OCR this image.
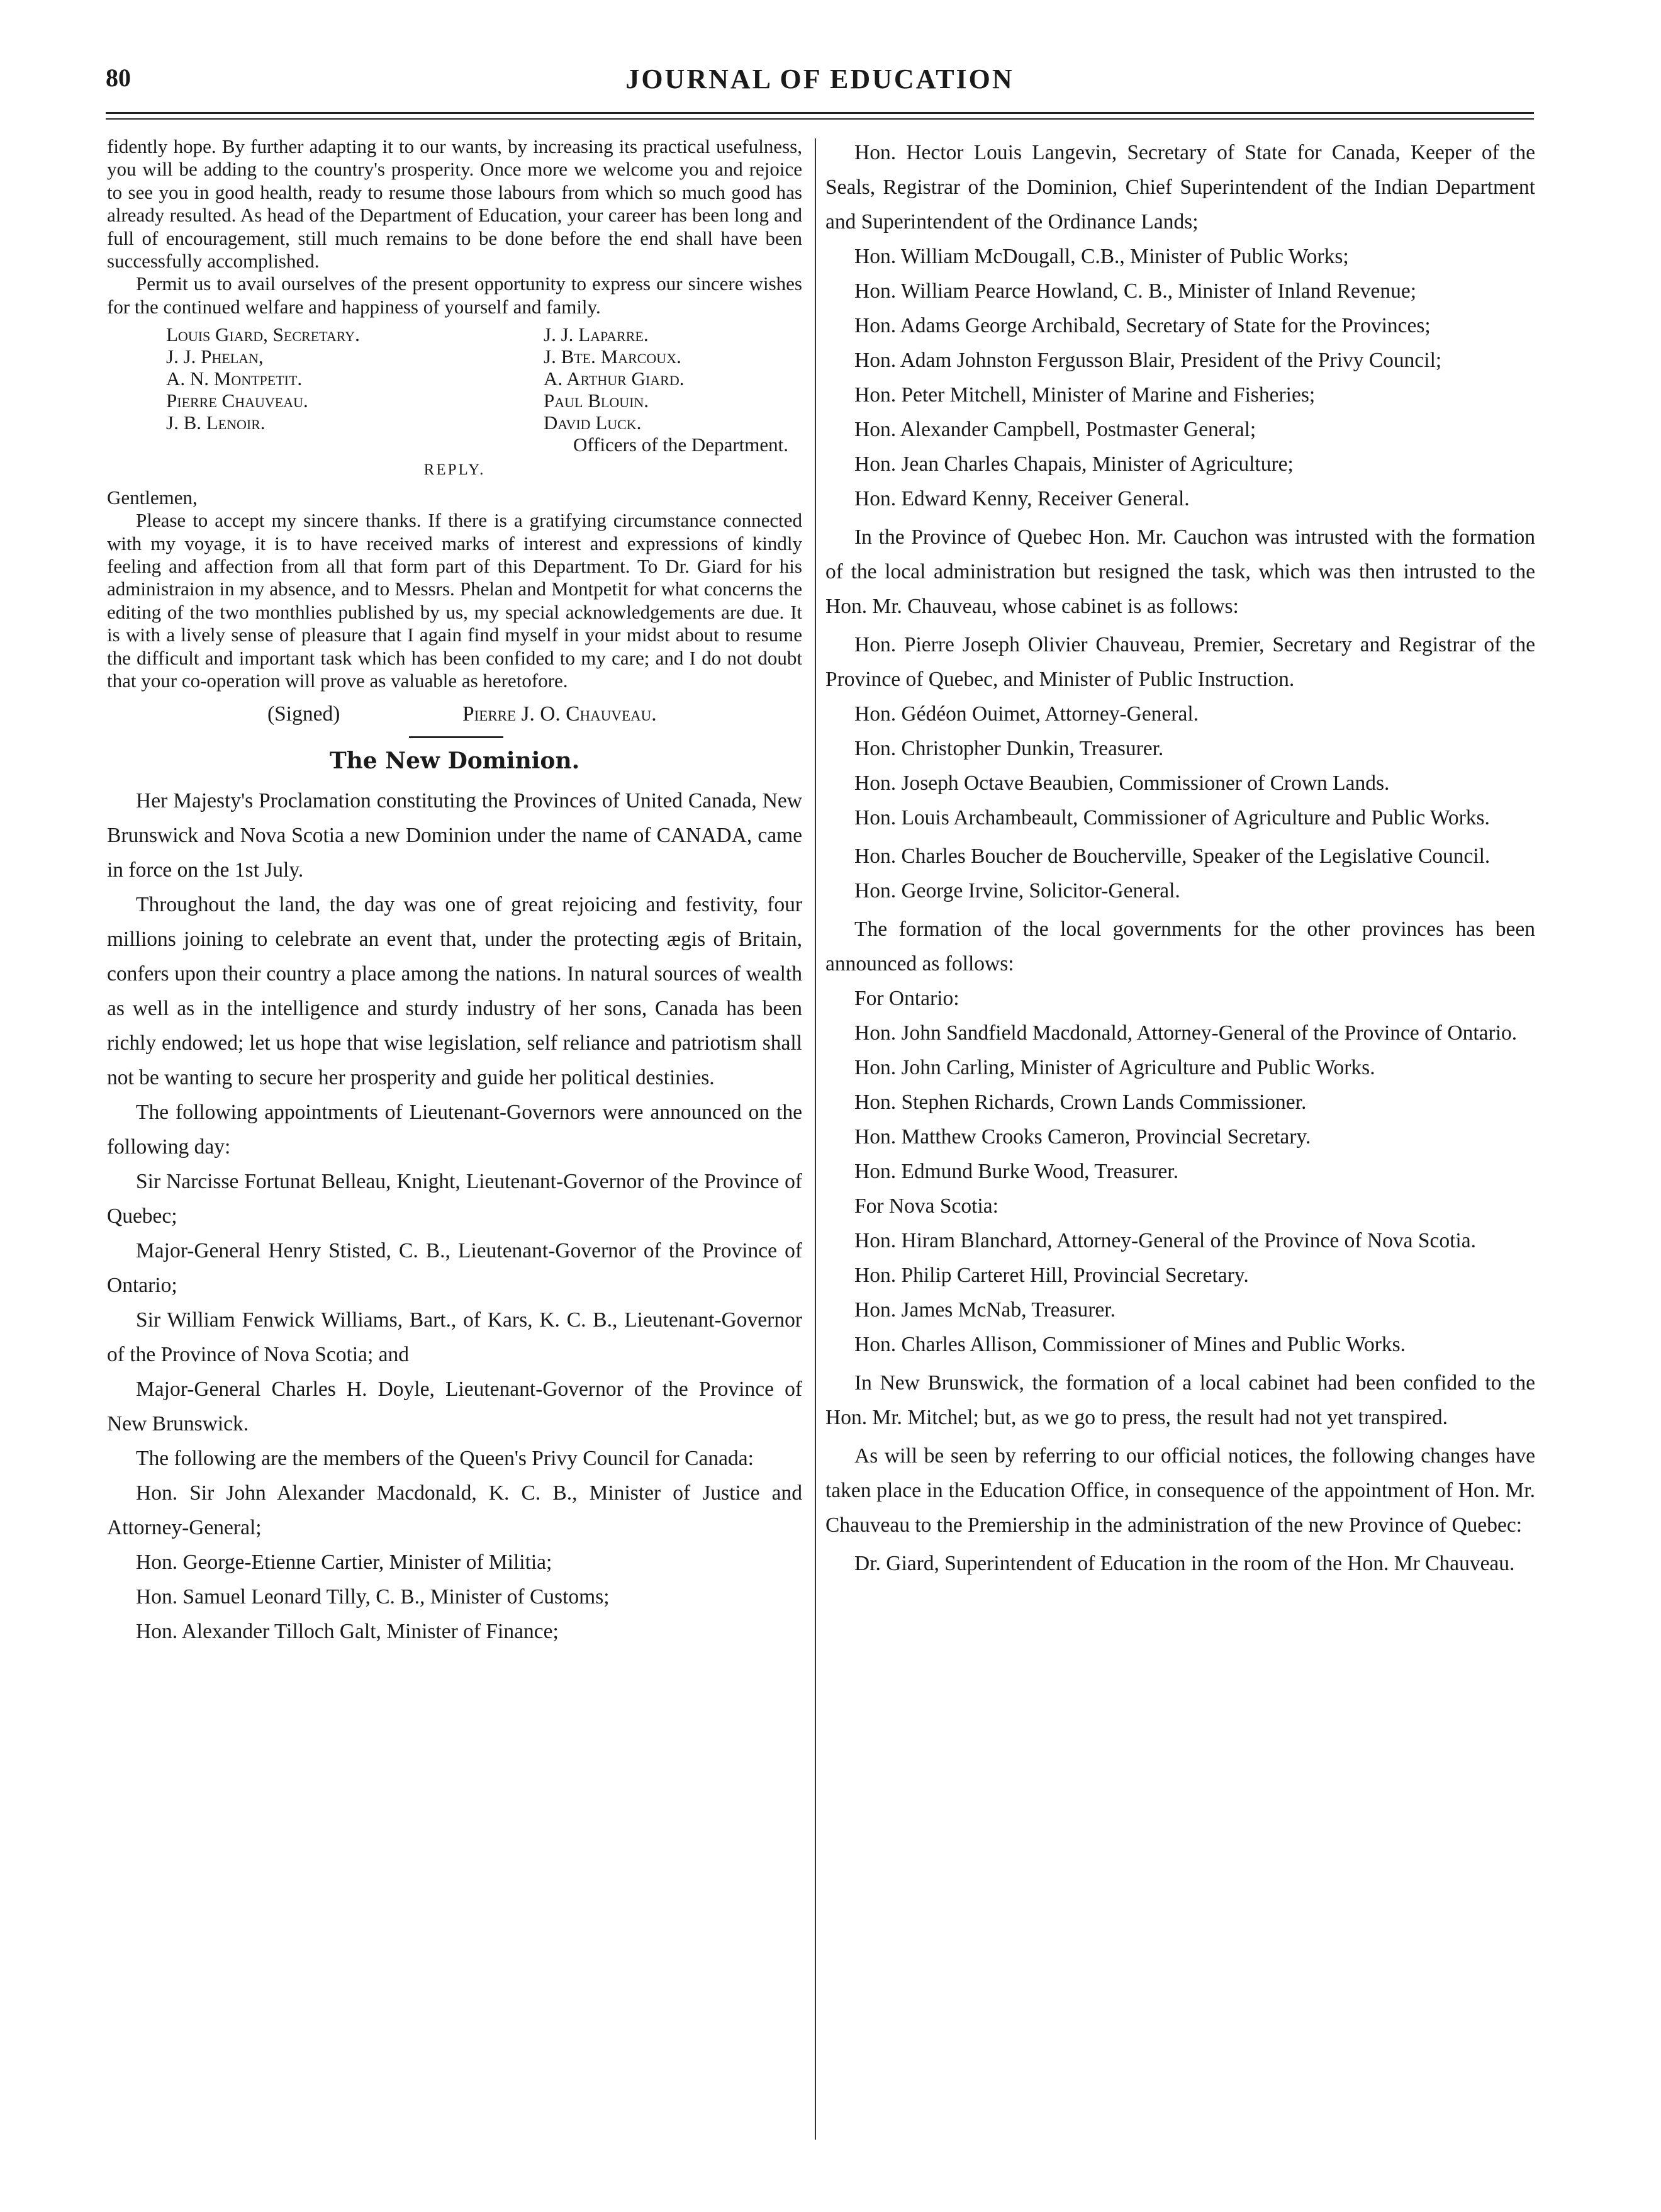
80	JOURNAL OF EDUCATION

fidently hope. By further adapting it to our wants, by increasing its practical usefulness, you will be adding to the country's prosperity. Once more we welcome you and rejoice to see you in good health, ready to resume those labours from which so much good has already resulted. As head of the Department of Education, your career has been long and full of encouragement, still much remains to be done before the end shall have been successfully accomplished.

Permit us to avail ourselves of the present opportunity to express our sincere wishes for the continued welfare and happiness of yourself and family.

Louis Giard, Secretary.	J. J. Laparre.
J. J. Phelan,	J. Bte. Marcoux.
A. N. Montpetit.	A. Arthur Giard.
Pierre Chauveau.	Paul Blouin.
J. B. Lenoir.	David Luck.
Officers of the Department.
REPLY.
Gentlemen,

Please to accept my sincere thanks. If there is a gratifying circumstance connected with my voyage, it is to have received marks of interest and expressions of kindly feeling and affection from all that form part of this Department. To Dr. Giard for his administraion in my absence, and to Messrs. Phelan and Montpetit for what concerns the editing of the two monthlies published by us, my special acknowledgements are due. It is with a lively sense of pleasure that I again find myself in your midst about to resume the difficult and important task which has been confided to my care; and I do not doubt that your co-operation will prove as valuable as heretofore.

(Signed)	Pierre J. O. Chauveau.
The New Dominion.

Her Majesty's Proclamation constituting the Provinces of United Canada, New Brunswick and Nova Scotia a new Dominion under the name of CANADA, came in force on the 1st July.

Throughout the land, the day was one of great rejoicing and festivity, four millions joining to celebrate an event that, under the protecting ægis of Britain, confers upon their country a place among the nations. In natural sources of wealth as well as in the intelligence and sturdy industry of her sons, Canada has been richly endowed; let us hope that wise legislation, self reliance and patriotism shall not be wanting to secure her prosperity and guide her political destinies.

The following appointments of Lieutenant-Governors were announced on the following day:

Sir Narcisse Fortunat Belleau, Knight, Lieutenant-Governor of the Province of Quebec;

Major-General Henry Stisted, C. B., Lieutenant-Governor of the Province of Ontario;

Sir William Fenwick Williams, Bart., of Kars, K. C. B., Lieutenant-Governor of the Province of Nova Scotia; and

Major-General Charles H. Doyle, Lieutenant-Governor of the Province of New Brunswick.

The following are the members of the Queen's Privy Council for Canada:

Hon. Sir John Alexander Macdonald, K. C. B., Minister of Justice and Attorney-General;

Hon. George-Etienne Cartier, Minister of Militia;

Hon. Samuel Leonard Tilly, C. B., Minister of Customs;

Hon. Alexander Tilloch Galt, Minister of Finance;

Hon. Hector Louis Langevin, Secretary of State for Canada, Keeper of the Seals, Registrar of the Dominion, Chief Superintendent of the Indian Department and Superintendent of the Ordinance Lands;

Hon. William McDougall, C.B., Minister of Public Works;

Hon. William Pearce Howland, C. B., Minister of Inland Revenue;

Hon. Adams George Archibald, Secretary of State for the Provinces;

Hon. Adam Johnston Fergusson Blair, President of the Privy Council;

Hon. Peter Mitchell, Minister of Marine and Fisheries;

Hon. Alexander Campbell, Postmaster General;

Hon. Jean Charles Chapais, Minister of Agriculture;

Hon. Edward Kenny, Receiver General.

In the Province of Quebec Hon. Mr. Cauchon was intrusted with the formation of the local administration but resigned the task, which was then intrusted to the Hon. Mr. Chauveau, whose cabinet is as follows:

Hon. Pierre Joseph Olivier Chauveau, Premier, Secretary and Registrar of the Province of Quebec, and Minister of Public Instruction.

Hon. Gédéon Ouimet, Attorney-General.

Hon. Christopher Dunkin, Treasurer.

Hon. Joseph Octave Beaubien, Commissioner of Crown Lands.

Hon. Louis Archambeault, Commissioner of Agriculture and Public Works.

Hon. Charles Boucher de Boucherville, Speaker of the Legislative Council.

Hon. George Irvine, Solicitor-General.

The formation of the local governments for the other provinces has been announced as follows:

For Ontario:

Hon. John Sandfield Macdonald, Attorney-General of the Province of Ontario.

Hon. John Carling, Minister of Agriculture and Public Works.

Hon. Stephen Richards, Crown Lands Commissioner.

Hon. Matthew Crooks Cameron, Provincial Secretary.

Hon. Edmund Burke Wood, Treasurer.

For Nova Scotia:

Hon. Hiram Blanchard, Attorney-General of the Province of Nova Scotia.

Hon. Philip Carteret Hill, Provincial Secretary.

Hon. James McNab, Treasurer.

Hon. Charles Allison, Commissioner of Mines and Public Works.

In New Brunswick, the formation of a local cabinet had been confided to the Hon. Mr. Mitchel; but, as we go to press, the result had not yet transpired.

As will be seen by referring to our official notices, the following changes have taken place in the Education Office, in consequence of the appointment of Hon. Mr. Chauveau to the Premiership in the administration of the new Province of Quebec:

Dr. Giard, Superintendent of Education in the room of the Hon. Mr Chauveau.
